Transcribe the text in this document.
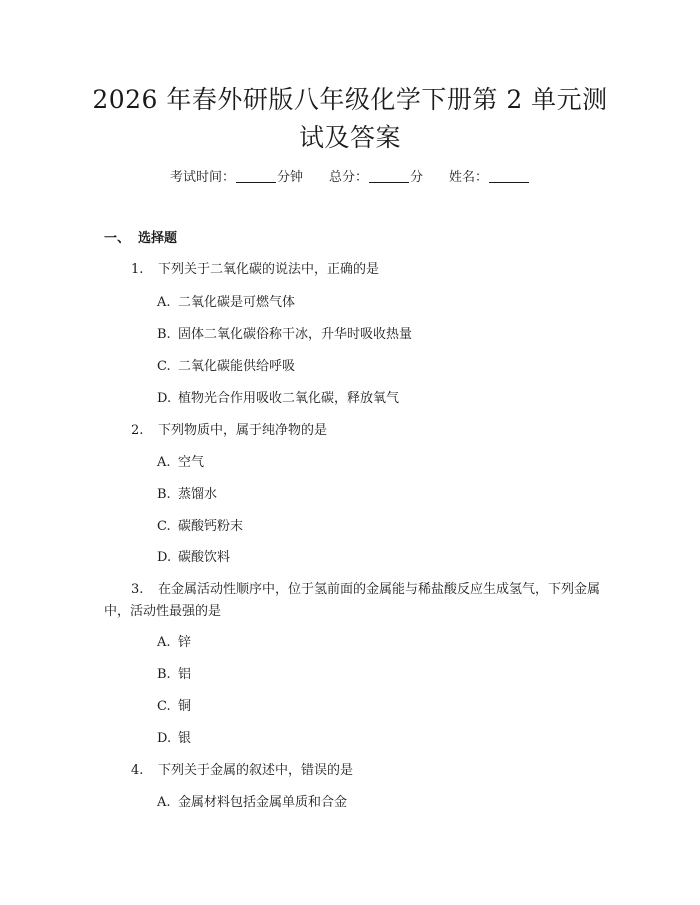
2026 年春外研版八年级化学下册第 2 单元测
试及答案
考试时间：	分钟 总分：	分 姓名：
一、 选择题
1. 下列关于二氧化碳的说法中，正确的是
A. 二氧化碳是可燃气体
B. 固体二氧化碳俗称干冰，升华时吸收热量
C. 二氧化碳能供给呼吸
D. 植物光合作用吸收二氧化碳，释放氧气
2. 下列物质中，属于纯净物的是
A. 空气
B. 蒸馏水
C. 碳酸钙粉末
D. 碳酸饮料
3. 在金属活动性顺序中，位于氢前面的金属能与稀盐酸反应生成氢气，下列金属中，活动性最强的是
A. 锌
B. 铝
C. 铜
D. 银
4. 下列关于金属的叙述中，错误的是
A. 金属材料包括金属单质和合金
